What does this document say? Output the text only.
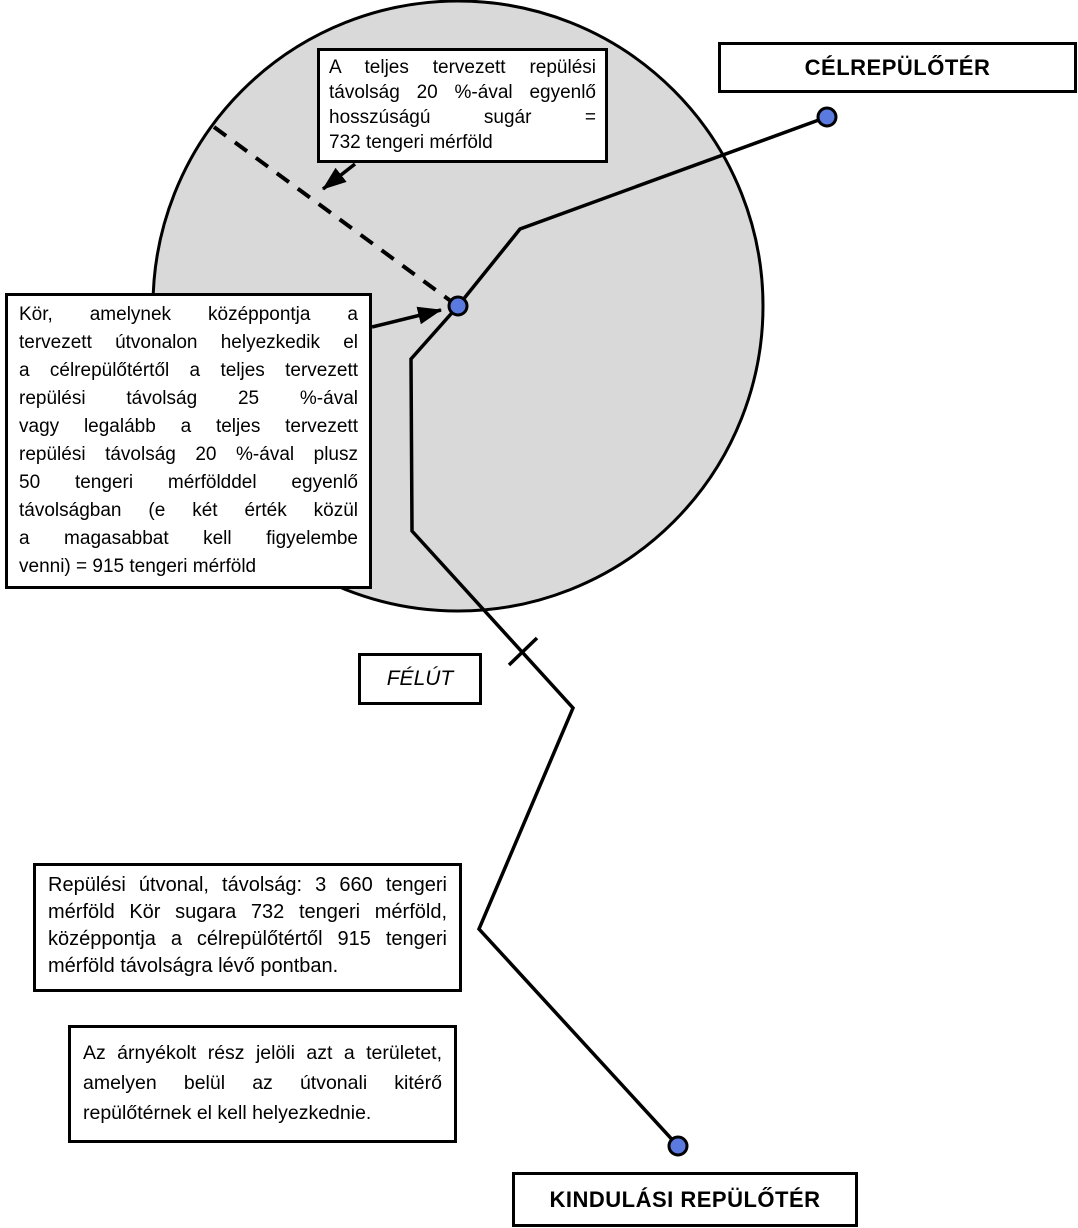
A teljes tervezett repülési
távolság 20 %-ával egyenlő
hosszúságú sugár =
732 tengeri mérföld
CÉLREPÜLŐTÉR
Kör, amelynek középpontja a
tervezett útvonalon helyezkedik el
a célrepülőtértől a teljes tervezett
repülési távolság 25 %-ával
vagy legalább a teljes tervezett
repülési távolság 20 %-ával plusz
50 tengeri mérfölddel egyenlő
távolságban (e két érték közül
a magasabbat kell figyelembe
venni) = 915 tengeri mérföld
FÉLÚT
Repülési útvonal, távolság: 3 660 tengeri
mérföld Kör sugara 732 tengeri mérföld,
középpontja a célrepülőtértől 915 tengeri
mérföld távolságra lévő pontban.
Az árnyékolt rész jelöli azt a területet,
amelyen belül az útvonali kitérő
repülőtérnek el kell helyezkednie.
KINDULÁSI REPÜLŐTÉR
